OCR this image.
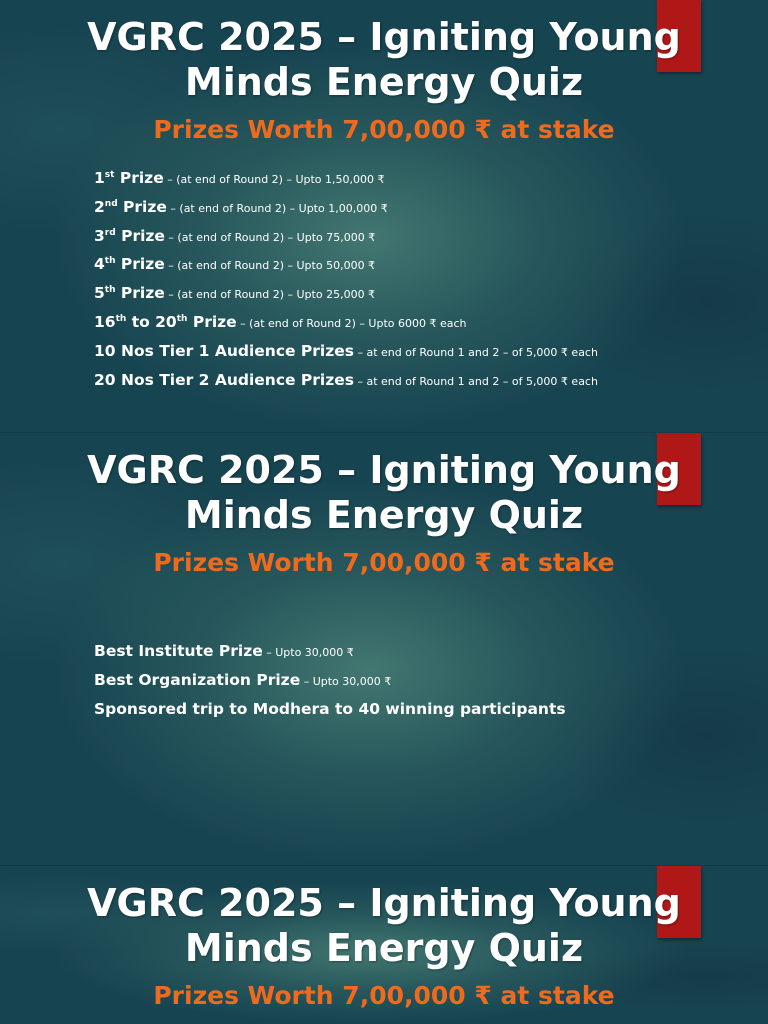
VGRC 2025 – Igniting Young
Minds Energy Quiz
Prizes Worth 7,00,000 ₹ at stake
1st Prize – (at end of Round 2) – Upto 1,50,000 ₹
2nd Prize – (at end of Round 2) – Upto 1,00,000 ₹
3rd Prize – (at end of Round 2) – Upto 75,000 ₹
4th Prize – (at end of Round 2) – Upto 50,000 ₹
5th Prize – (at end of Round 2) – Upto 25,000 ₹
16th to 20th Prize – (at end of Round 2) – Upto 6000 ₹ each
10 Nos Tier 1 Audience Prizes – at end of Round 1 and 2 – of 5,000 ₹ each
20 Nos Tier 2 Audience Prizes – at end of Round 1 and 2 – of 5,000 ₹ each
VGRC 2025 – Igniting Young
Minds Energy Quiz
Prizes Worth 7,00,000 ₹ at stake
Best Institute Prize – Upto 30,000 ₹
Best Organization Prize – Upto 30,000 ₹
Sponsored trip to Modhera to 40 winning participants
VGRC 2025 – Igniting Young
Minds Energy Quiz
Prizes Worth 7,00,000 ₹ at stake
